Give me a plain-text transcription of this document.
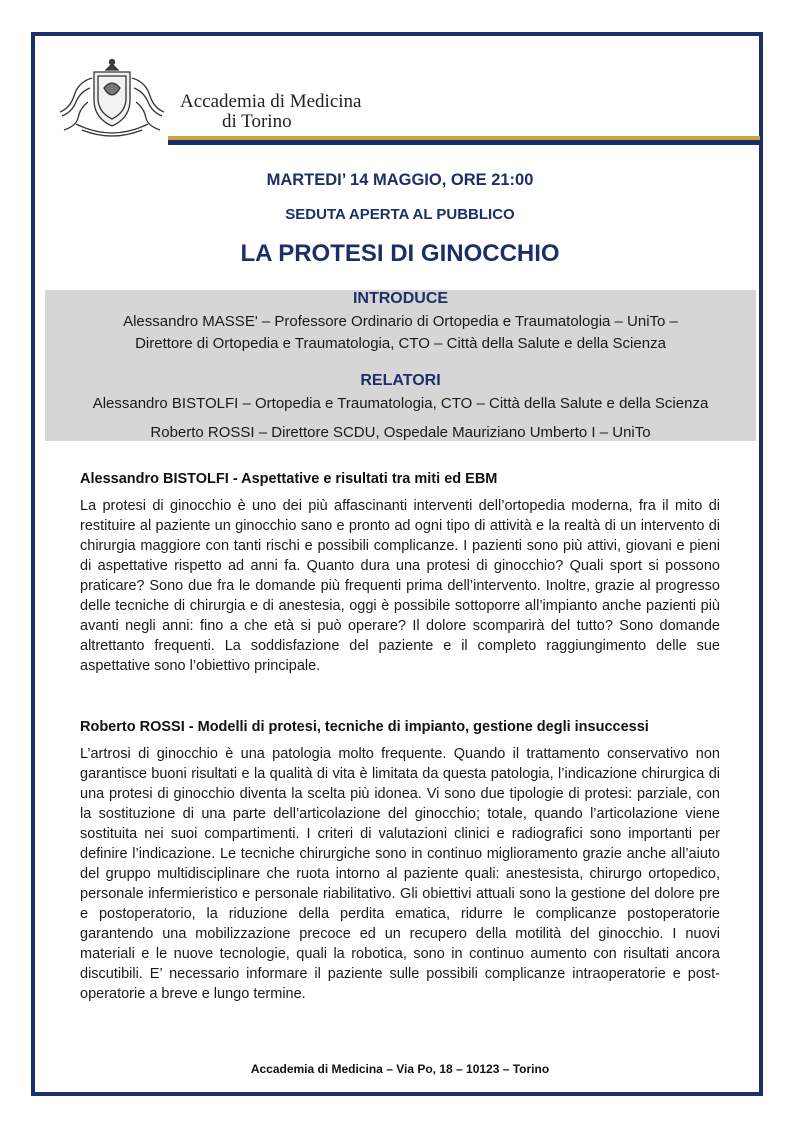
Accademia di Medicina
di Torino
MARTEDI’ 14 MAGGIO, ORE 21:00
SEDUTA APERTA AL PUBBLICO
LA PROTESI DI GINOCCHIO
INTRODUCE
Alessandro MASSE' – Professore Ordinario di Ortopedia e Traumatologia – UniTo –
Direttore di Ortopedia e Traumatologia, CTO – Città della Salute e della Scienza
RELATORI
Alessandro BISTOLFI – Ortopedia e Traumatologia, CTO – Città della Salute e della Scienza
Roberto ROSSI – Direttore SCDU, Ospedale Mauriziano Umberto I – UniTo
Alessandro BISTOLFI - Aspettative e risultati tra miti ed EBM

La protesi di ginocchio è uno dei più affascinanti interventi dell’ortopedia moderna, fra il mito di restituire al paziente un ginocchio sano e pronto ad ogni tipo di attività e la realtà di un intervento di chirurgia maggiore con tanti rischi e possibili complicanze. I pazienti sono più attivi, giovani e pieni di aspettative rispetto ad anni fa. Quanto dura una protesi di ginocchio? Quali sport si possono praticare? Sono due fra le domande più frequenti prima dell’intervento. Inoltre, grazie al progresso delle tecniche di chirurgia e di anestesia, oggi è possibile sottoporre all’impianto anche pazienti più avanti negli anni: fino a che età si può operare? Il dolore scomparirà del tutto? Sono domande altrettanto frequenti. La soddisfazione del paziente e il completo raggiungimento delle sue aspettative sono l’obiettivo principale.

Roberto ROSSI - Modelli di protesi, tecniche di impianto, gestione degli insuccessi

L’artrosi di ginocchio è una patologia molto frequente. Quando il trattamento conservativo non garantisce buoni risultati e la qualità di vita è limitata da questa patologia, l’indicazione chirurgica di una protesi di ginocchio diventa la scelta più idonea. Vi sono due tipologie di protesi: parziale, con la sostituzione di una parte dell’articolazione del ginocchio; totale, quando l’articolazione viene sostituita nei suoi compartimenti. I criteri di valutazioni clinici e radiografici sono importanti per definire l’indicazione. Le tecniche chirurgiche sono in continuo miglioramento grazie anche all’aiuto del gruppo multidisciplinare che ruota intorno al paziente quali: anestesista, chirurgo ortopedico, personale infermieristico e personale riabilitativo. Gli obiettivi attuali sono la gestione del dolore pre e postoperatorio, la riduzione della perdita ematica, ridurre le complicanze postoperatorie garantendo una mobilizzazione precoce ed un recupero della motilità del ginocchio. I nuovi materiali e le nuove tecnologie, quali la robotica, sono in continuo aumento con risultati ancora discutibili. E’ necessario informare il paziente sulle possibili complicanze intraoperatorie e post-operatorie a breve e lungo termine.

Accademia di Medicina – Via Po, 18 – 10123 – Torino
